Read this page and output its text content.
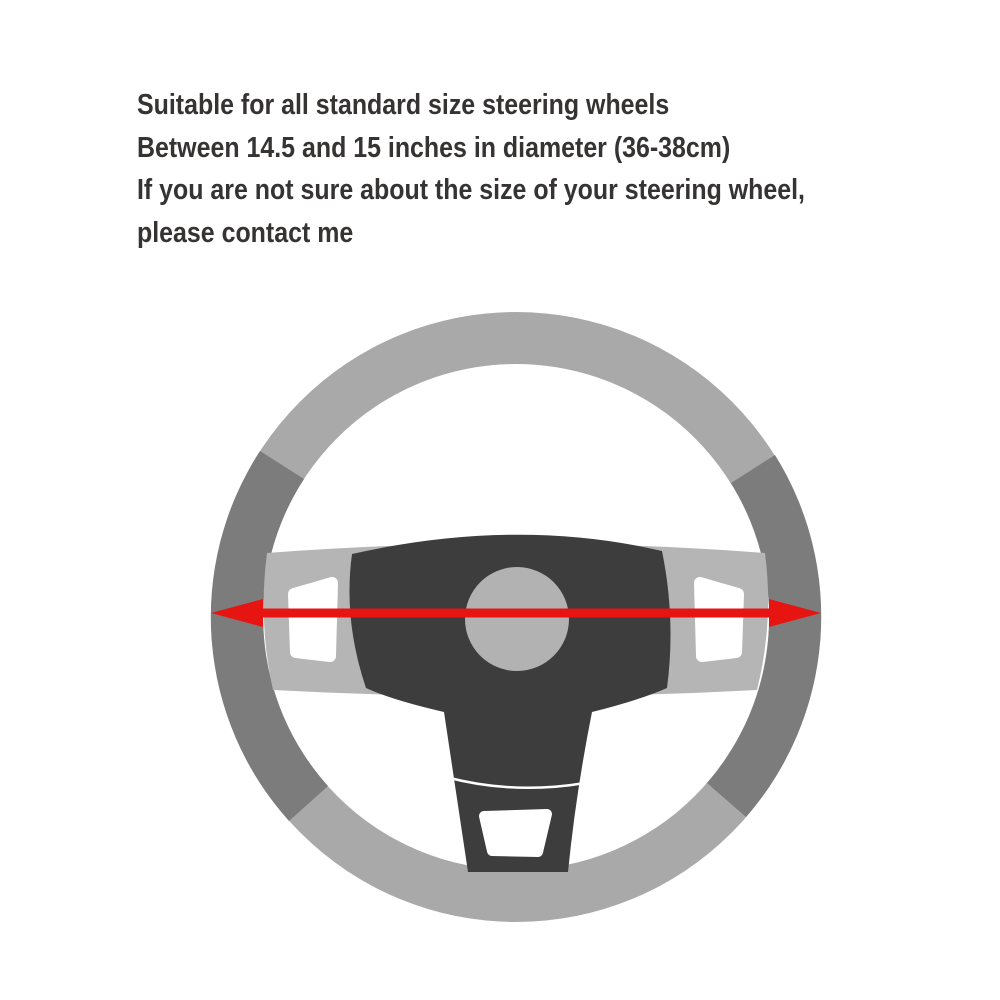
Suitable for all standard size steering wheels
Between 14.5 and 15 inches in diameter (36-38cm)
If you are not sure about the size of your steering wheel,
please contact me
